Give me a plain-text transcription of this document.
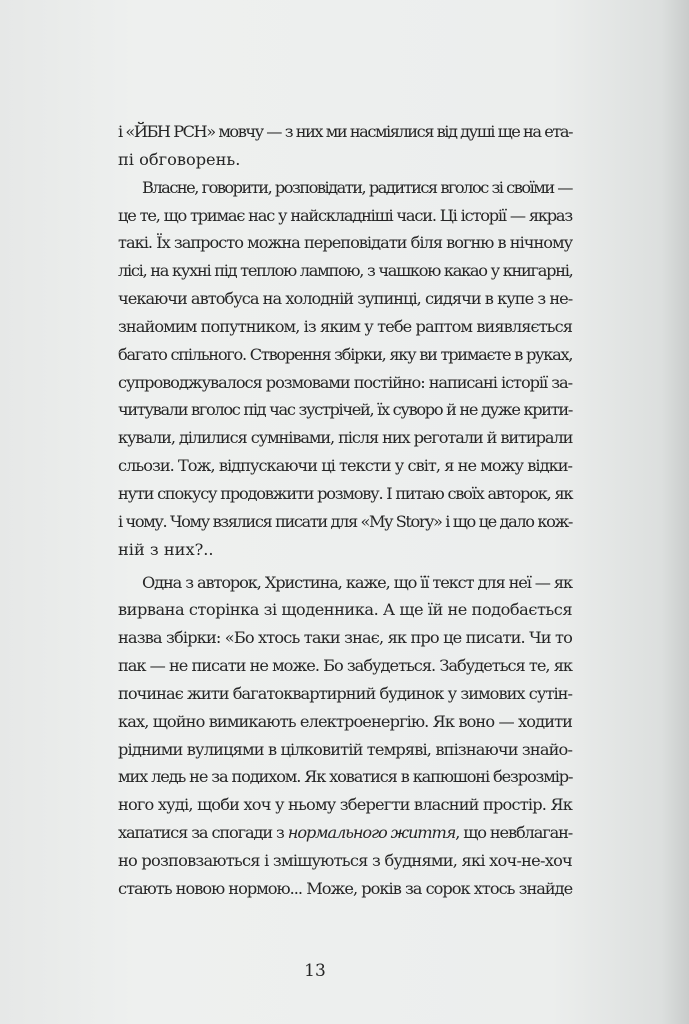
і «ЙБН РСН» мовчу — з них ми насміялися від душі ще на ета-
пі обговорень.
Власне, говорити, розповідати, радитися вголос зі своїми —
це те, що тримає нас у найскладніші часи. Ці історії — якраз
такі. Їх запросто можна переповідати біля вогню в нічному
лісі, на кухні під теплою лампою, з чашкою какао у книгарні,
чекаючи автобуса на холодній зупинці, сидячи в купе з не-
знайомим попутником, із яким у тебе раптом виявляється
багато спільного. Створення збірки, яку ви тримаєте в руках,
супроводжувалося розмовами постійно: написані історії за-
читували вголос під час зустрічей, їх суворо й не дуже крити-
кували, ділилися сумнівами, після них реготали й витирали
сльози. Тож, відпускаючи ці тексти у світ, я не можу відки-
нути спокусу продовжити розмову. І питаю своїх авторок, як
і чому. Чому взялися писати для «My Story» і що це дало кож-
ній з них?..
Одна з авторок, Христина, каже, що її текст для неї — як
вирвана сторінка зі щоденника. А ще їй не подобається
назва збірки: «Бо хтось таки знає, як про це писати. Чи то
пак — не писати не може. Бо забудеться. Забудеться те, як
починає жити багатоквартирний будинок у зимових сутін-
ках, щойно вимикають електроенергію. Як воно — ходити
рідними вулицями в цілковитій темряві, впізнаючи знайо-
мих ледь не за подихом. Як ховатися в капюшоні безрозмір-
ного худі, щоби хоч у ньому зберегти власний простір. Як
хапатися за спогади з нормального життя, що невблаган-
но розповзаються і змішуються з буднями, які хоч-не-хоч
стають новою нормою... Може, років за сорок хтось знайде
13
